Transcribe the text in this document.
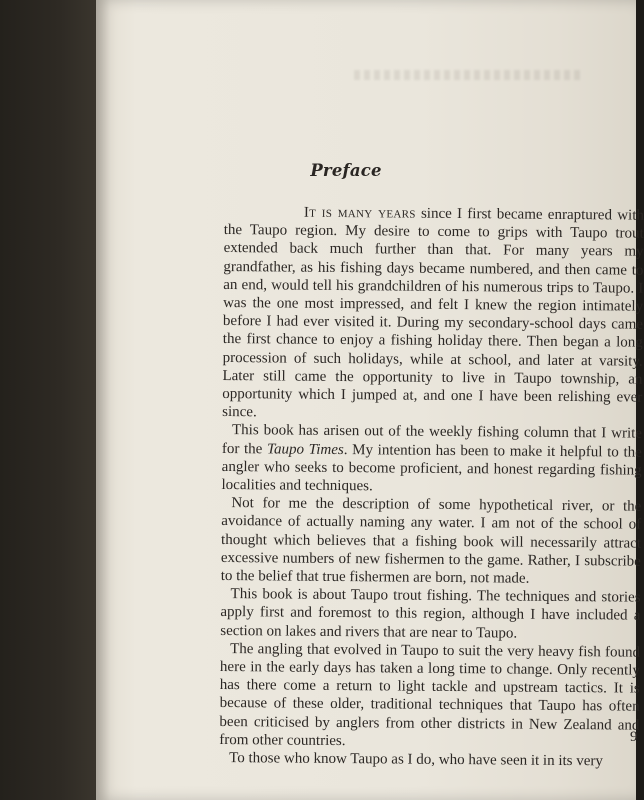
Preface

It is many years since I first became enraptured with the Taupo region. My desire to come to grips with Taupo trout extended back much further than that. For many years my grandfather, as his fishing days became numbered, and then came to an end, would tell his grandchildren of his numerous trips to Taupo. I was the one most impressed, and felt I knew the region intimately before I had ever visited it. During my secondary-school days came the first chance to enjoy a fishing holiday there. Then began a long procession of such holidays, while at school, and later at varsity. Later still came the opportunity to live in Taupo township, an opportunity which I jumped at, and one I have been relishing ever since.

This book has arisen out of the weekly fishing column that I write for the Taupo Times. My intention has been to make it helpful to the angler who seeks to become proficient, and honest regarding fishing localities and techniques.

Not for me the description of some hypothetical river, or the avoidance of actually naming any water. I am not of the school of thought which believes that a fishing book will necessarily attract excessive numbers of new fishermen to the game. Rather, I subscribe to the belief that true fishermen are born, not made.

This book is about Taupo trout fishing. The techniques and stories apply first and foremost to this region, although I have included a section on lakes and rivers that are near to Taupo.

The angling that evolved in Taupo to suit the very heavy fish found here in the early days has taken a long time to change. Only recently has there come a return to light tackle and upstream tactics. It is because of these older, traditional techniques that Taupo has often been criticised by anglers from other districts in New Zealand and from other countries.

To those who know Taupo as I do, who have seen it in its very

9
